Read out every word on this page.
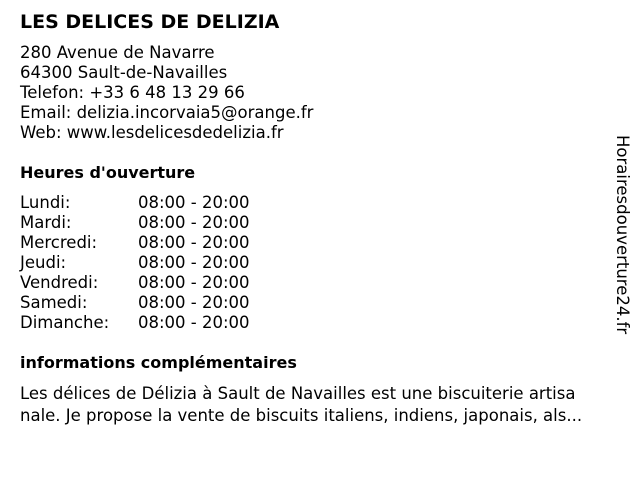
LES DELICES DE DELIZIA
280 Avenue de Navarre
64300 Sault-de-Navailles
Telefon: +33 6 48 13 29 66
Email: delizia.incorvaia5@orange.fr
Web: www.lesdelicesdedelizia.fr
Heures d'ouverture
Lundi:	08:00 - 20:00
Mardi:	08:00 - 20:00
Mercredi: 08:00 - 20:00
Jeudi:	08:00 - 20:00
Vendredi: 08:00 - 20:00
Samedi:	08:00 - 20:00
Dimanche: 08:00 - 20:00
informations complémentaires
Les délices de Délizia à Sault de Navailles est une biscuiterie artisa
nale. Je propose la vente de biscuits italiens, indiens, japonais, als...
Horairesdouverture24.fr
